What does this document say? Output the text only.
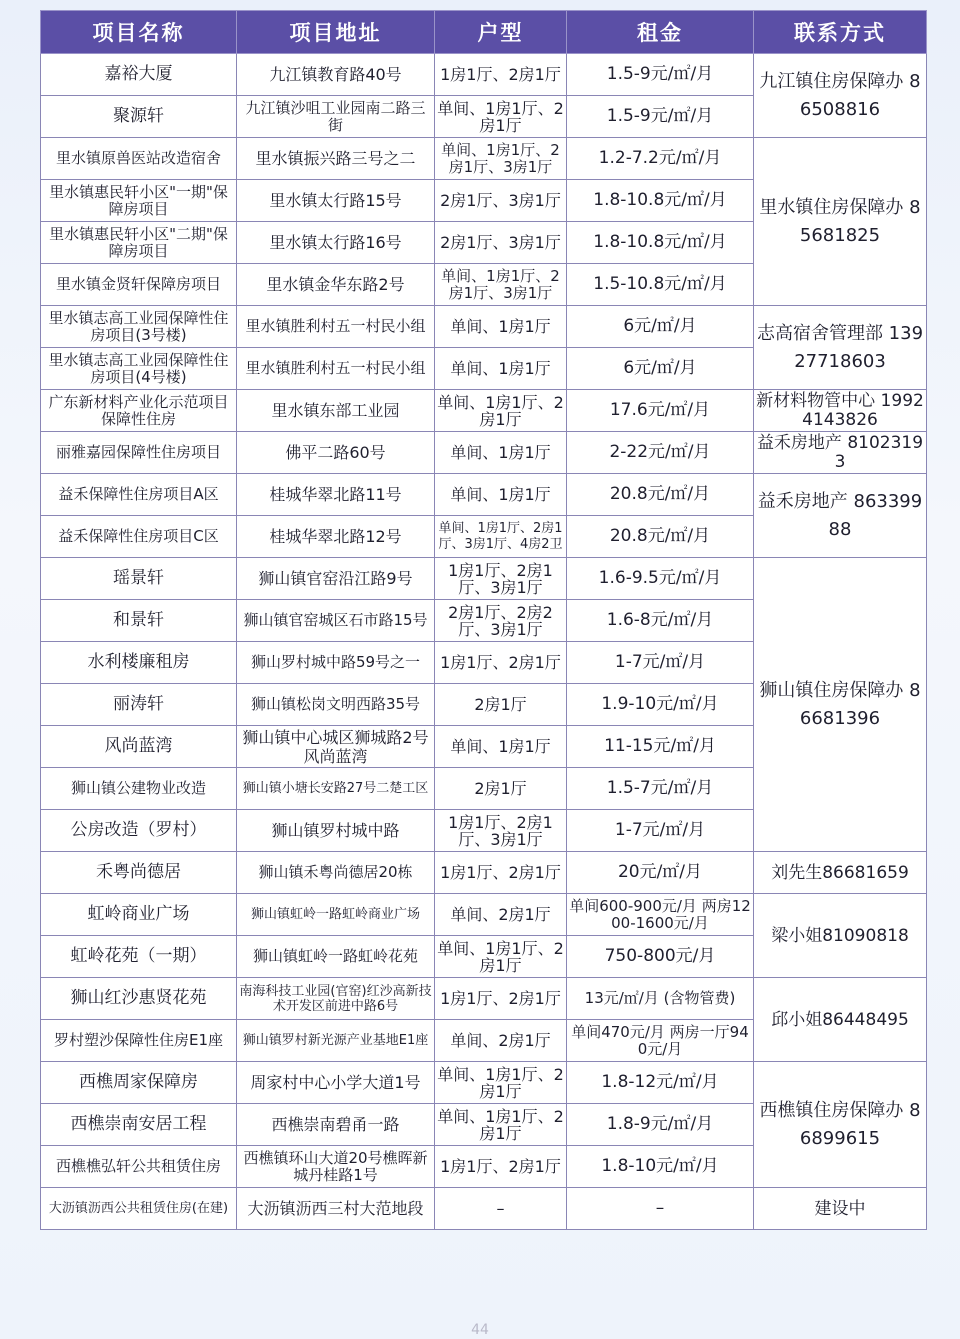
项目名称	项目地址	户型	租金	联系方式
嘉裕大厦	九江镇教育路40号	1房1厅、2房1厅	1.5-9元/㎡/月	九江镇住房保障办 86508816
聚源轩	九江镇沙咀工业园南二路三街	单间、1房1厅、2房1厅	1.5-9元/㎡/月	
里水镇原兽医站改造宿舍	里水镇振兴路三号之二	单间、1房1厅、2房1厅、3房1厅	1.2-7.2元/㎡/月	里水镇住房保障办 85681825
里水镇惠民轩小区"一期"保障房项目	里水镇太行路15号	2房1厅、3房1厅	1.8-10.8元/㎡/月	
里水镇惠民轩小区"二期"保障房项目	里水镇太行路16号	2房1厅、3房1厅	1.8-10.8元/㎡/月	
里水镇金贤轩保障房项目	里水镇金华东路2号	单间、1房1厅、2房1厅、3房1厅	1.5-10.8元/㎡/月	
里水镇志高工业园保障性住房项目(3号楼)	里水镇胜利村五一村民小组	单间、1房1厅	6元/㎡/月	志高宿舍管理部 13927718603
里水镇志高工业园保障性住房项目(4号楼)	里水镇胜利村五一村民小组	单间、1房1厅	6元/㎡/月	
广东新材料产业化示范项目保障性住房	里水镇东部工业园	单间、1房1厅、2房1厅	17.6元/㎡/月	新材料物管中心 19924143826
丽雅嘉园保障性住房项目	佛平二路60号	单间、1房1厅	2-22元/㎡/月	益禾房地产 81023193
益禾保障性住房项目A区	桂城华翠北路11号	单间、1房1厅	20.8元/㎡/月	益禾房地产 86339988
益禾保障性住房项目C区	桂城华翠北路12号	单间、1房1厅、2房1厅、3房1厅、4房2卫	20.8元/㎡/月	
瑶景轩	狮山镇官窑沿江路9号	1房1厅、2房1厅、3房1厅	1.6-9.5元/㎡/月	狮山镇住房保障办 86681396
和景轩	狮山镇官窑城区石市路15号	2房1厅、2房2厅、3房1厅	1.6-8元/㎡/月	
水利楼廉租房	狮山罗村城中路59号之一	1房1厅、2房1厅	1-7元/㎡/月	
丽涛轩	狮山镇松岗文明西路35号	2房1厅	1.9-10元/㎡/月	
风尚蓝湾	狮山镇中心城区狮城路2号风尚蓝湾	单间、1房1厅	11-15元/㎡/月	
狮山镇公建物业改造	狮山镇小塘长安路27号二楚工区	2房1厅	1.5-7元/㎡/月	
公房改造（罗村）	狮山镇罗村城中路	1房1厅、2房1厅、3房1厅	1-7元/㎡/月	
禾粤尚德居	狮山镇禾粤尚德居20栋	1房1厅、2房1厅	20元/㎡/月	刘先生86681659
虹岭商业广场	狮山镇虹岭一路虹岭商业广场	单间、2房1厅	单间600-900元/月 两房1200-1600元/月	梁小姐81090818
虹岭花苑（一期）	狮山镇虹岭一路虹岭花苑	单间、1房1厅、2房1厅	750-800元/月	
狮山红沙惠贤花苑	南海科技工业园(官窑)红沙高新技术开发区前进中路6号	1房1厅、2房1厅	13元/㎡/月 (含物管费)	邱小姐86448495
罗村塑沙保障性住房E1座	狮山镇罗村新光源产业基地E1座	单间、2房1厅	单间470元/月 两房一厅940元/月	
西樵周家保障房	周家村中心小学大道1号	单间、1房1厅、2房1厅	1.8-12元/㎡/月	西樵镇住房保障办 86899615
西樵崇南安居工程	西樵崇南碧甬一路	单间、1房1厅、2房1厅	1.8-9元/㎡/月	
西樵樵弘轩公共租赁住房	西樵镇环山大道20号樵晖新城丹桂路1号	1房1厅、2房1厅	1.8-10元/㎡/月	
大沥镇沥西公共租赁住房(在建)	大沥镇沥西三村大范地段	–	–	建设中
44
